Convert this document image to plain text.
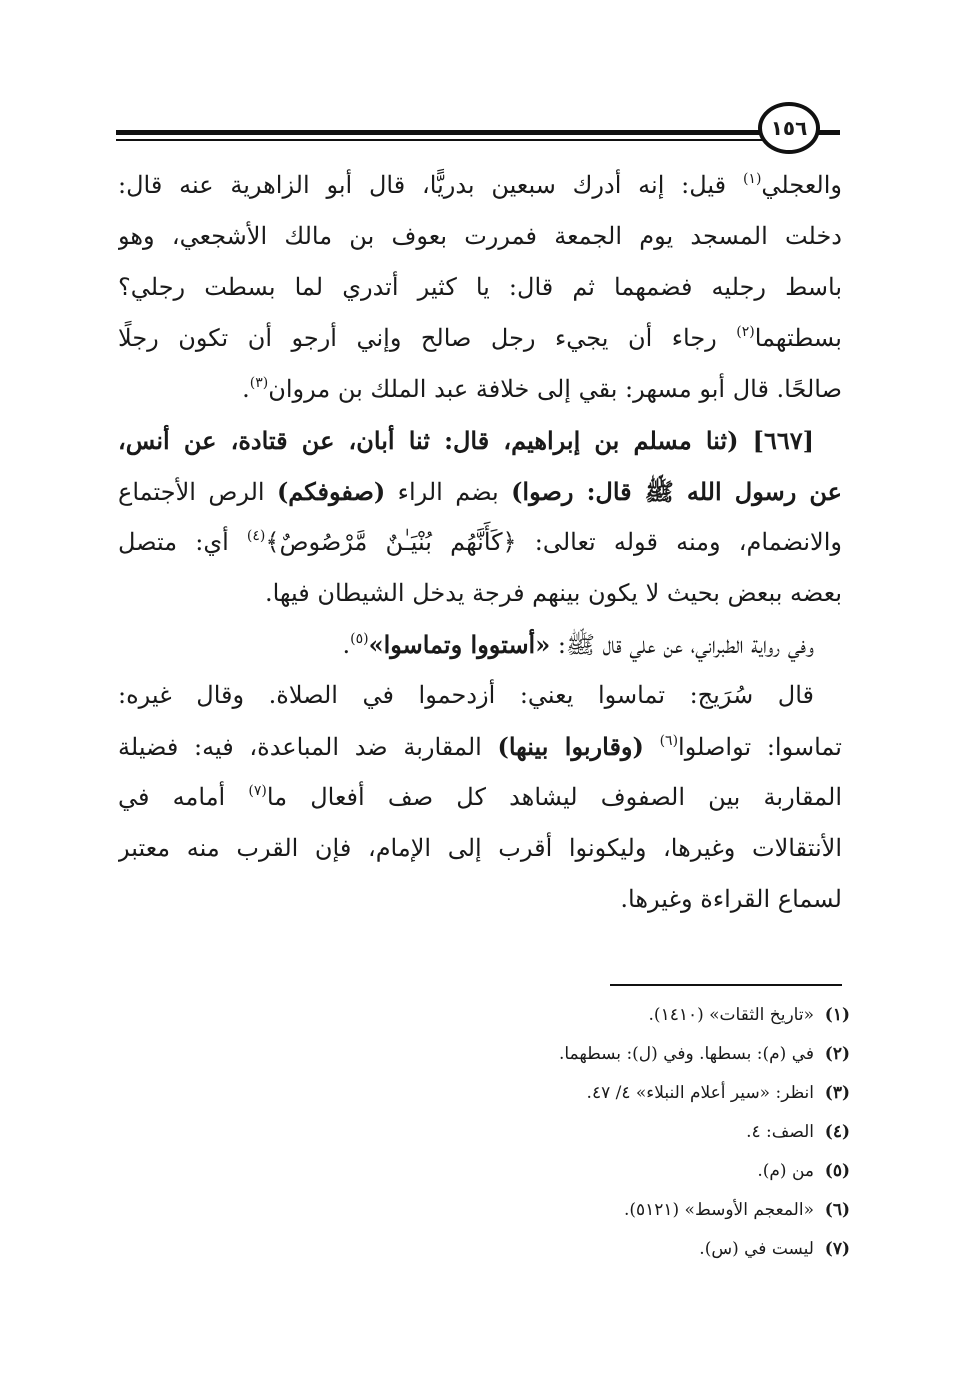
١٥٦
والعجلي$^{(١)}$ قيل: إنه أدرك سبعين بدريًّا، قال أبو الزاهرية عنه قال:
دخلت المسجد يوم الجمعة فمررت بعوف بن مالك الأشجعي، وهو
باسط رجليه فضمهما ثم قال: يا كثير أتدري لما بسطت رجلي؟
بسطتهما$^{(٢)}$ رجاء أن يجيء رجل صالح وإني أرجو أن تكون رجلًا
صالحًا. قال أبو مسهر: بقي إلى خلافة عبد الملك بن مروان$^{(٣)}$.
[٦٦٧] (ثنا مسلم بن إبراهيم، قال: ثنا أبان، عن قتادة، عن أنس،
عن رسول الله ﷺ قال: رصوا) بضم الراء (صفوفكم) الرص الأجتماع
والانضمام، ومنه قوله تعالى: ﴿كَأَنَّهُم بُنْيَـٰنٌ مَّرْصُوصٌ﴾$^{(٤)}$ أي: متصل
بعضه ببعض بحيث لا يكون بينهم فرجة يدخل الشيطان فيها.
وفي رواية الطبراني، عن علي قال ﷺ: «أستووا وتماسوا»$^{(٥)}$.
قال سُرَيج: تماسوا يعني: أزدحموا في الصلاة. وقال غيره:
تماسوا: تواصلوا$^{(٦)}$ (وقاربوا بينها) المقاربة ضد المباعدة، فيه: فضيلة
المقاربة بين الصفوف ليشاهد كل صف أفعال ما$^{(٧)}$ أمامه في
الأنتقالات وغيرها، وليكونوا أقرب إلى الإمام، فإن القرب منه معتبر
لسماع القراءة وغيرها.
(١)«تاريخ الثقات» (١٤١٠).
(٢)في (م): بسطها. وفي (ل): بسطهما.
(٣)انظر: «سير أعلام النبلاء» ٤/ ٤٧.
(٤)الصف: ٤.
(٥)من (م).
(٦)«المعجم الأوسط» (٥١٢١).
(٧)ليست في (س).
